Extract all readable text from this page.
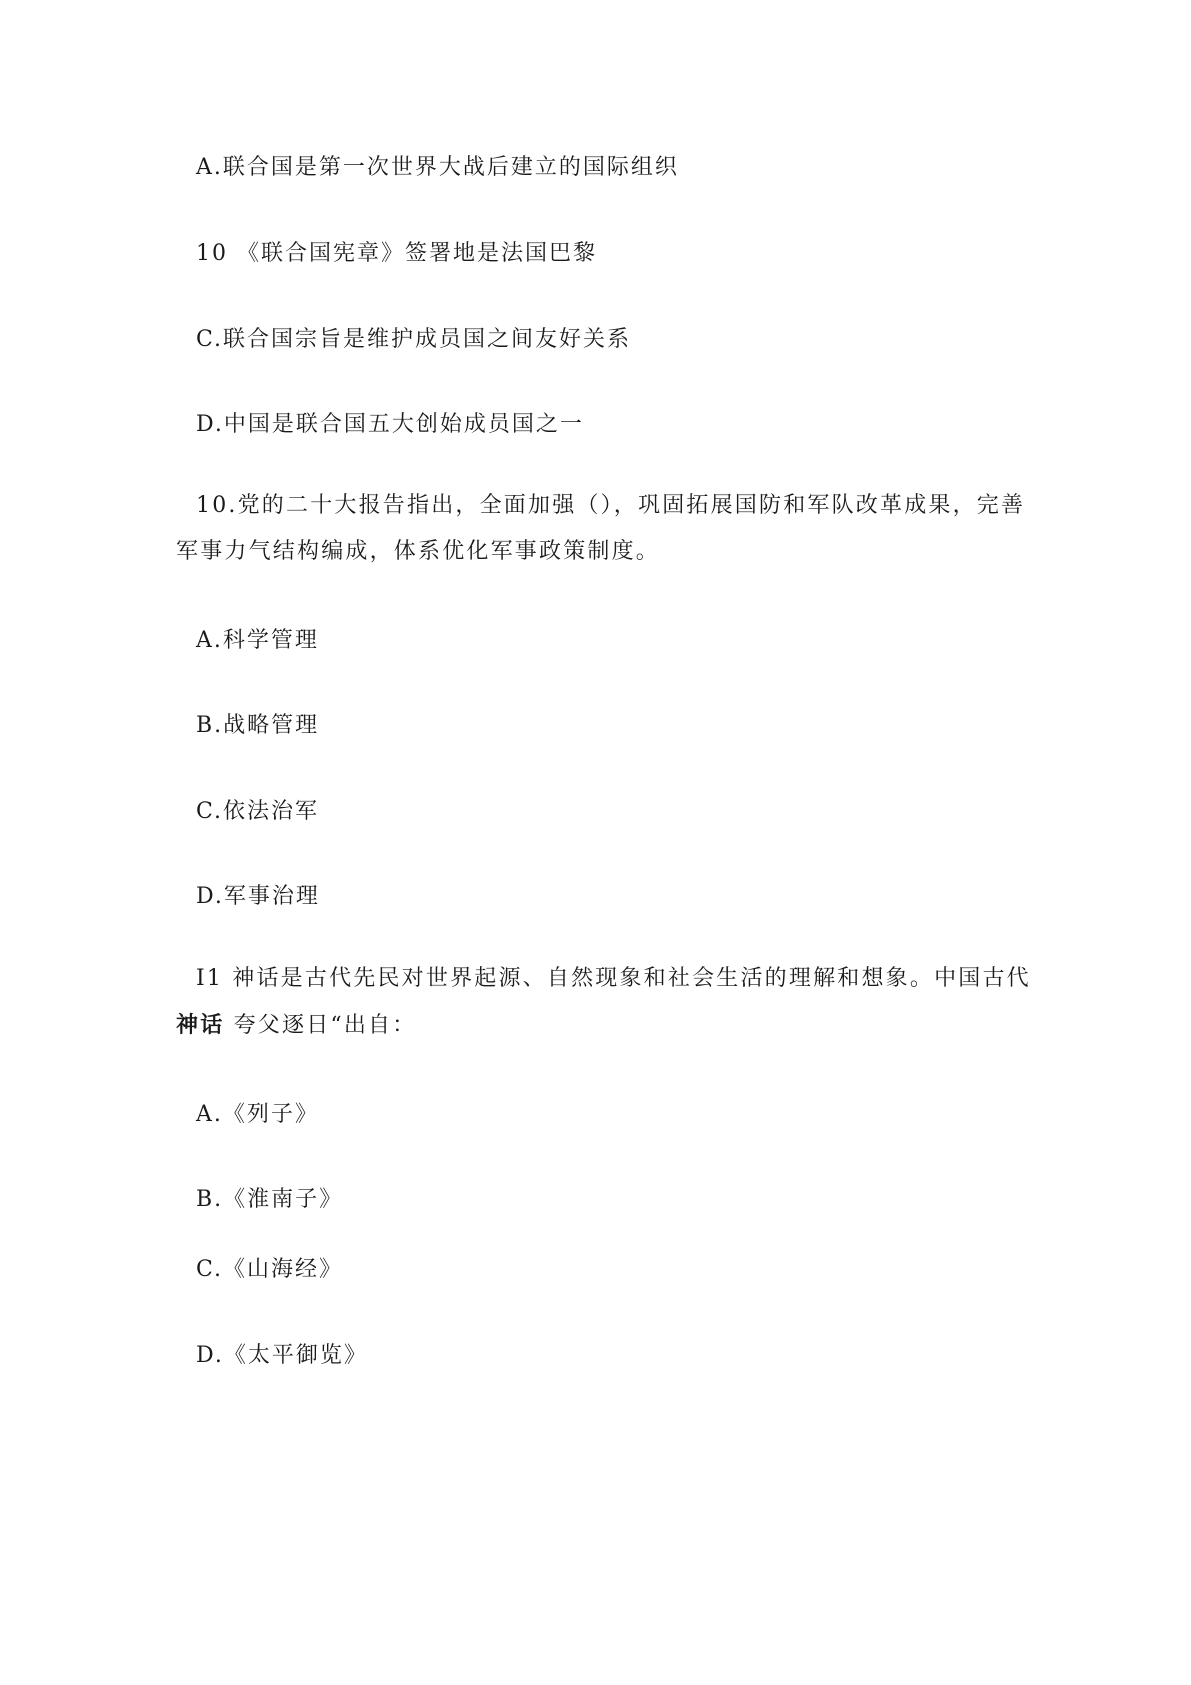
A.联合国是第一次世界大战后建立的国际组织
10 《联合国宪章》签署地是法国巴黎
C.联合国宗旨是维护成员国之间友好关系
D.中国是联合国五大创始成员国之一
10.党的二十大报告指出，全面加强（），巩固拓展国防和军队改革成果，完善军事力气结构编成，体系优化军事政策制度。
A.科学管理
B.战略管理
C.依法治军
D.军事治理
I1 神话是古代先民对世界起源、自然现象和社会生活的理解和想象。中国古代神话 夸父逐日“出自：
A.《列子》
B.《淮南子》
C.《山海经》
D.《太平御览》
